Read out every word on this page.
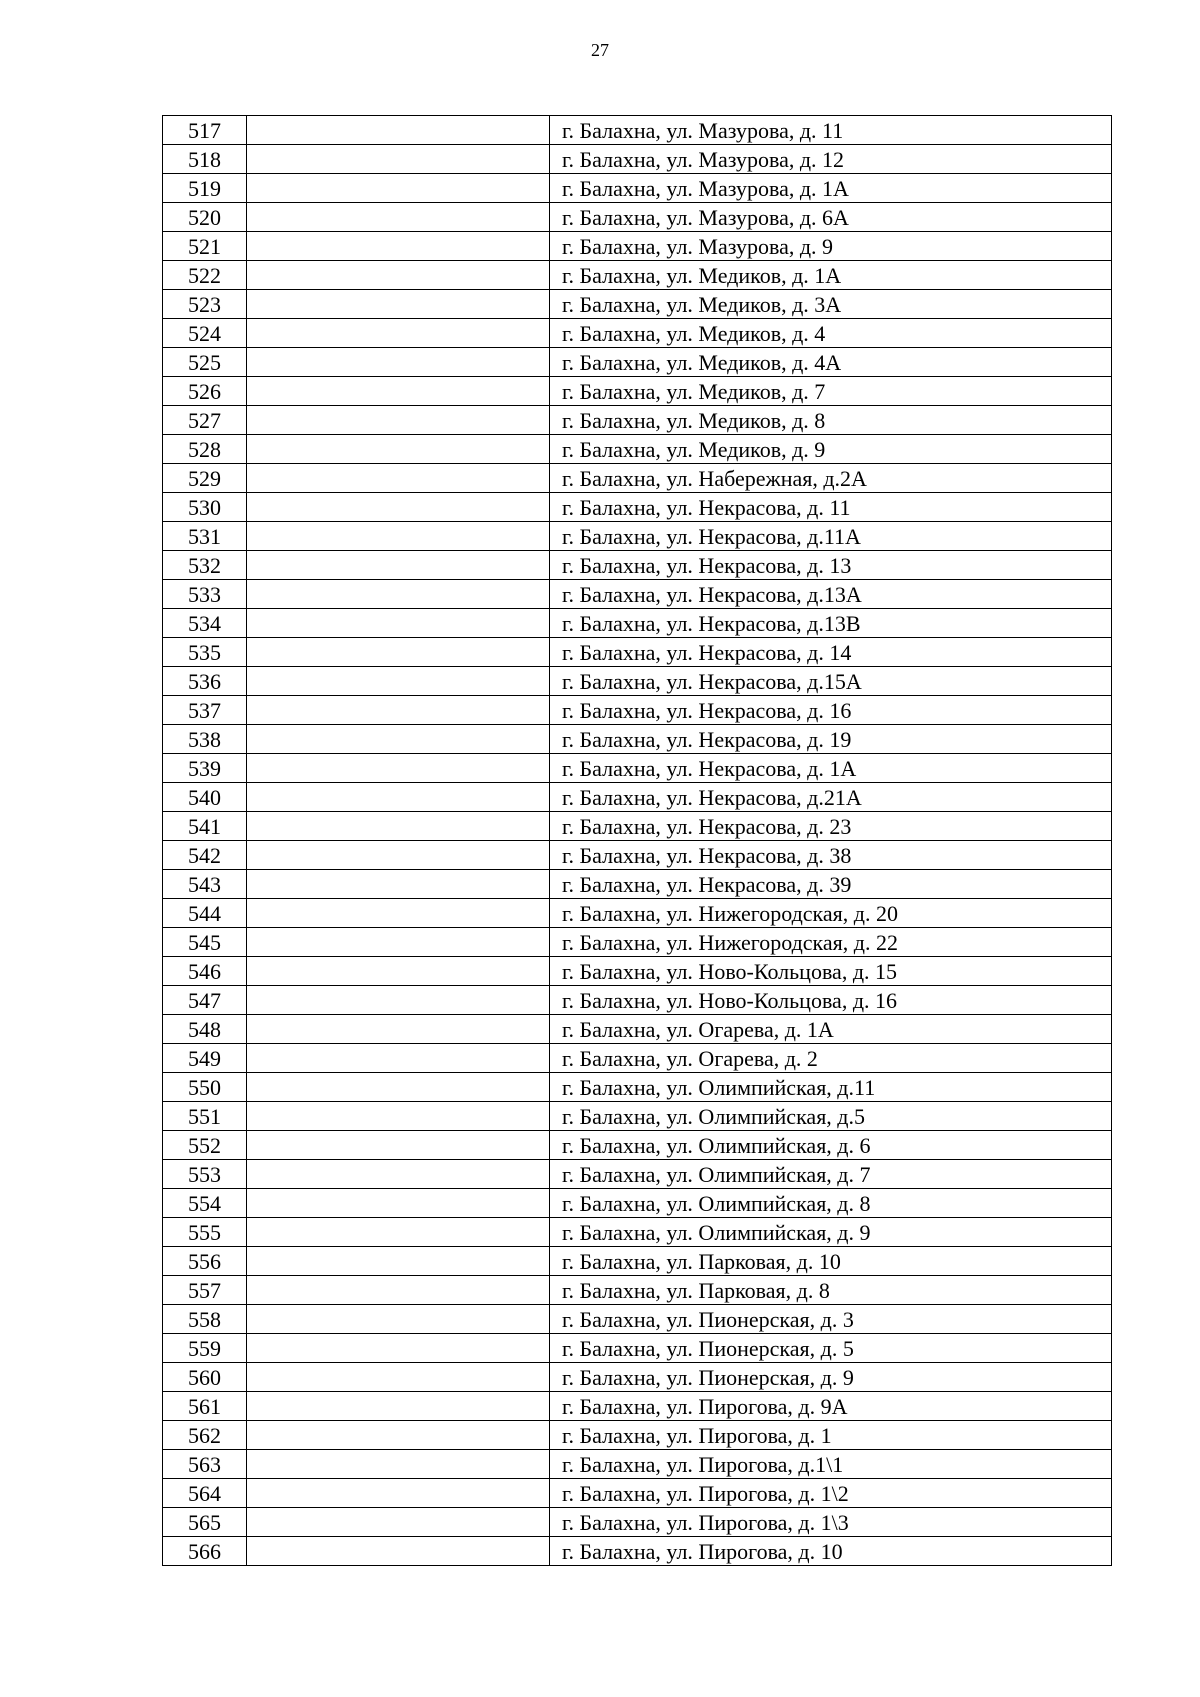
27
517		г. Балахна, ул. Мазурова, д. 11
518		г. Балахна, ул. Мазурова, д. 12
519		г. Балахна, ул. Мазурова, д. 1А
520		г. Балахна, ул. Мазурова, д. 6А
521		г. Балахна, ул. Мазурова, д. 9
522		г. Балахна, ул. Медиков, д. 1А
523		г. Балахна, ул. Медиков, д. 3А
524		г. Балахна, ул. Медиков, д. 4
525		г. Балахна, ул. Медиков, д. 4А
526		г. Балахна, ул. Медиков, д. 7
527		г. Балахна, ул. Медиков, д. 8
528		г. Балахна, ул. Медиков, д. 9
529		г. Балахна, ул. Набережная, д.2А
530		г. Балахна, ул. Некрасова, д. 11
531		г. Балахна, ул. Некрасова, д.11А
532		г. Балахна, ул. Некрасова, д. 13
533		г. Балахна, ул. Некрасова, д.13А
534		г. Балахна, ул. Некрасова, д.13В
535		г. Балахна, ул. Некрасова, д. 14
536		г. Балахна, ул. Некрасова, д.15А
537		г. Балахна, ул. Некрасова, д. 16
538		г. Балахна, ул. Некрасова, д. 19
539		г. Балахна, ул. Некрасова, д. 1А
540		г. Балахна, ул. Некрасова, д.21А
541		г. Балахна, ул. Некрасова, д. 23
542		г. Балахна, ул. Некрасова, д. 38
543		г. Балахна, ул. Некрасова, д. 39
544		г. Балахна, ул. Нижегородская, д. 20
545		г. Балахна, ул. Нижегородская, д. 22
546		г. Балахна, ул. Ново-Кольцова, д. 15
547		г. Балахна, ул. Ново-Кольцова, д. 16
548		г. Балахна, ул. Огарева, д. 1А
549		г. Балахна, ул. Огарева, д. 2
550		г. Балахна, ул. Олимпийская, д.11
551		г. Балахна, ул. Олимпийская, д.5
552		г. Балахна, ул. Олимпийская, д. 6
553		г. Балахна, ул. Олимпийская, д. 7
554		г. Балахна, ул. Олимпийская, д. 8
555		г. Балахна, ул. Олимпийская, д. 9
556		г. Балахна, ул. Парковая, д. 10
557		г. Балахна, ул. Парковая, д. 8
558		г. Балахна, ул. Пионерская, д. 3
559		г. Балахна, ул. Пионерская, д. 5
560		г. Балахна, ул. Пионерская, д. 9
561		г. Балахна, ул. Пирогова, д. 9А
562		г. Балахна, ул. Пирогова, д. 1
563		г. Балахна, ул. Пирогова, д.1\1
564		г. Балахна, ул. Пирогова, д. 1\2
565		г. Балахна, ул. Пирогова, д. 1\3
566		г. Балахна, ул. Пирогова, д. 10
